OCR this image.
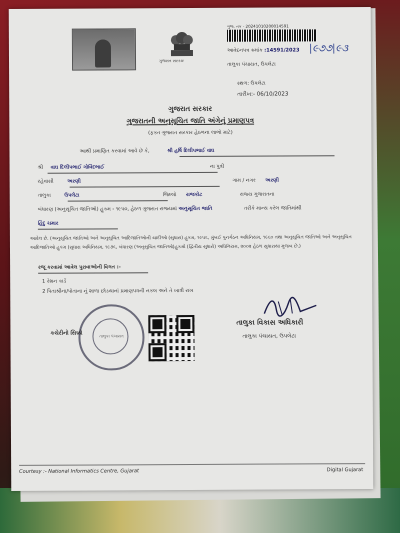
ગુજરાત સરકાર
ગુજ. તક - 20241010200014591
આવેદનપત્ર ક્રમાંક :14591/2023 |૯૭૭|૯૩
તાલુકા પંચાયત, ઉપલેટા
સ્થળ: ઉપલેટા
તારીખ:- 06/10/2023
ગુજરાત સરકાર
ગુજરાતની અનુસૂચિત જાતિ અંગેનું પ્રમાણપત્ર
(ફક્ત ગુજરાત સરકાર હેઠળના લાભો માટે)
આથી પ્રમાણિત કરવામાં આવે છે કે,	શ્રી હર્ષિ દિલીપભાઈ વાઘ
શ્રી વાઘ દિલીપભાઈ ગોવિંદભાઈ	ના પુત્રી
રહેવાસી	અરણી	ગામ / નગર અરણી
તાલુકા	ઉપલેટા	જિલ્લો રાજકોટ	રાજ્ય ગુજરાતના
બંધારણ (અનુસૂચિત જાતિઓ) હુકમ - ૧૯૫૦, હેઠળ ગુજરાત રાજ્યમાં અનુસૂચિત જાતિ	તરીકે માન્ય કરેલ જાતિમાંથી
હિંદુ ચમાર
આવેલ છે. (અનુસૂચિત જાતિઓ અને અનુસૂચિત આદિજાતિઓની યાદીઓ (સુધારા) હુકમ, ૧૯૫૬, મુંબઈ પુનર્ગઠન અધિનિયમ, ૧૯૬૦ તથા અનુસૂચિત જાતિઓ અને અનુસૂચિત આદિજાતિઓ હુકમ (સુધારા અધિનિયમ, ૧૯૭૬, બંધારણ (અનુસૂચિત જાતિઓ)હુકમો (દ્વિતીય સુધારો) અધિનિયમ, ૨૦૦૨ હેઠળ સુધારાયા મુજબ છે.)
રજૂ કરવામાં આવેલ પુરાવાઓની વિગત :-
1 રેશન કાર્ડ
2 પિતાશ્રીના/પોતાના નું શાળા છોડયાનાં પ્રમાણપત્રની નકલ અને તે ખાત્રી રાખ
તાલુકા પંચાયત
કચેરીનો સિક્કો
તાલુકા વિકાસ અધિકારી
તાલુકા પંચાયત, ઉપલેટા
Courtesy :- National Informatics Centre, Gujarat	Digital Gujarat
